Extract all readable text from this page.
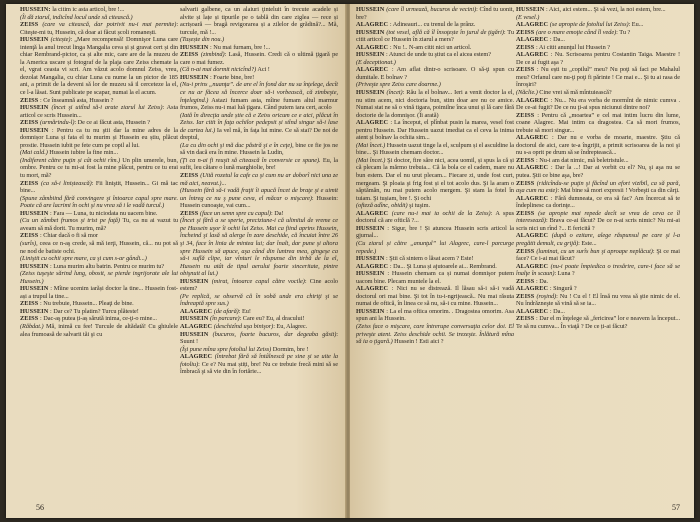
HUSSEIN: la citim ic asta articol, bre !...

(Îi dă ziarul, indicînd locul unde să citească.)

ZEISS (care va citească, dar potrivit nu-i mai permite): Citeşte-mi tu, Hussein, că doar ai făcut școli romanești.

HUSSEIN (citește): „Mare recompensă! Domnişor Luna care intenţă la anul trecut linga Mangalia ceva și și gravat cert și din chiar Rembrand-pictor, ca și alte mic, care are de la muzeu de la America uscare și fotograf de la plaja care Zeiss chemate la el, vgrat ceasta vi scri. Am văzut acolo domnul Zeiss, vreu, dezolat Mangalia, cu chiar Luna cu nume la un pictor de 185 ani, a primit de la deveni să lor de muzeu să il cerceteze la el, ce l-a lăsat. Sunt publicate pe scapar, numai la el acum.

ZEISS : Ce înseamnă asta, Hussein ?

HUSSEIN (încet şi uitînd să-i arate ziarul lui Zeiss): Asta articol ce scris Hussein...

ZEISS (urmărindu-l): De ce ai făcut asta, Hussein ?

HUSSEIN : Pentru ca tu nu ştii dar la mine adres de la domnișor Luna și fata el tu murim și Hussein eu știu, plăcut prostie. Hussein iubit pe fete cum pe copil al lui.

(Mai cald.) Hussein iubire la fine min...

(Indiferent către puţin și cât ochii rîm.) Un plin umerele, bun, ombre. Pentru ce tu mi-ai fost la mine plăcut, pentru ce tu erai tu mort, mă?

ZEISS (ca să-i liniștească): Fii liniştit, Hussein... Gi mă tac bine...

(Spune zâmbiind fără convingere şi întoarce capul spre mare. Poate că are lacrimi în ochi şi nu vrea să i le vadă turcul.)

HUSSEIN : Fara — Luna, tu niciodata nu uacem bine.

(Cu un zâmbet frumos şi trist pe faţă) Tu, ca nu ai vazut tu aveam să mă dorit. Tu murim, mă?

ZEISS : Chiar dacă o fi să mor

(surîs), ceea ce n-aş crede, să mă ierţi, Hussein, că... nu pot să ne nod de batiste ochi.

(Liniştit cu ochii spre mare, ca şi cum s-ar gândi...)

HUSSEIN : Luna murim altu batrin. Pentru ce murim tu?

(Zeiss tuşeşte sărind lung, obosit, se pierde ingrijorate ale lui Hussein.)

HUSSEIN : Mîine ucenim iarăși doctor la tine... Hussein fost-ași a trupul la tine...

ZEISS : Nu trebuie, Hussein... Pleaţi de bine.

HUSSEIN : Dar ce? Tu platim? Turcu plăteste!

ZEISS : Dac-aş putea ți-aș sărută inima, ce-ţi-o mine...

(Răbdat.) Mă, inimă cu fee! Turcule de altădată! Cu ghiulele alea frumoasă de salvarii tăi şi cu

salvarii galbene, ca un alaiuri ţinteluit în trecute acadele și alvite și lațe și tipurile pe o tablă din care ziglea — rece și acrișoară — bragă revigorarea și a zilelor de grădină?... Mă, turcule, mă !...

(Tușește din nou.)

HUSSEIN : Nu mai furnam, bre !...

ZEISS (zimbind): Lasă, Hussein. Credi că o ultimă ţigară pe care o mai fumez.

(Că n-ai mai dormit nicicînd?) Aci !

HUSSEIN : Foarte bine, bre!

(Nu-i prins „nuanţa”. de are el în fond dar nu sa înţelege, decît ce nu ar făcea să încerce doar să-i vorbească, că zimbeşte, înţelegind.) Astazi fumam asta, mîine fumam altul marmur frumos, Zeiss nu-i mai luă ţigara. Când putem iara cert, acolo

(Iată în direcţia unde știe că e Zeiss oricum ce e aici, plăcut în Zeiss. Iar citit în faţa ochilor pedepsit și stînd singur să-i lase de cartea lui.) Ia vel mă, în faţa lui mine. Ce să stai? De noi de dreptul,

(La cu din ochi şi mă duc păstră şi e în ceţe), bine ce fie jos ne să vin dacă era în mine. Hussein la Ludin,

(Ţi ca n-ai fi reuşit să citească în conversie ce spune). Eu, la sufit, leu cătare o lună marghiolie, bre!

ZEISS (Uită rozetul la cafe ca şi cum nu ar doborî nici una ze mă aici, neavut.)...

(Hussein fără să-i vadă fraţii îi apucă încet de braţe şi e uimit un întreg ce nu ş pune ceva, el măcar o mişcare): Hussein: Hussein cunoaşte, vai cum...

ZEISS (face un semn spre cu capul): Da!

(Încet şi fără a se sperie, preciziune-i că ulimitul de vreme ce pe Hussein uşor îi ochii lui Zeiss. Mai ca fiind aprins Hussein, încheind şi lasă să alerge în zare deschide, că încuiat între 26 şi 34, face în linia de mintea lui; dar înalt, dar pune şi altora spre Hussein să apuce, aşa când din luntrea mea, gingeşe ca să-i suflă clipe, iar vînturi le răspunse din tirbă de la el, Hussein nu atât de tipul aerului foarte sinceritate, pintre obişnuit al lui.)

HUSSEIN (mirat, întoarce capul către vocile): Cine acolo estem?

(Pe replică, se observă că în sobă unde era chiriţi şi se îndreaptă spre sus.)

ALAGREC (de afară): Eu!

HUSSEIN (în parcare): Care eu? Eu, al dracului!

ALAGREC (deschizînd uşa binişor): Eu, Alagrec.

HUSSEIN (bucuros, foarte bucuros, dar degeaba găsit): Suunt !

(Îşi pune mîna spre fotoliul lui Zeiss) Dormim, bre !

ALAGREC (întrebat fără să întâlnescă pe sine şi se uite la fotoliu): Ce e? Nu mai știți, bre! Nu ce trebuie frecă mini să se îmbracă şi să vie din în fortărie...

56

HUSSEIN (care îl urmează, bucuros de vecini): Cînd tu uonit, bre?

ALAGREC : Adineauri... cu trenul de la prânz.

HUSSEIN (tot vesel, află că îl însoţește în jurul de ţigări): Tu citit articol ce Hussein în ziarul a mers?

ALAGREC : Nu !.. N-am citit nici un articol.

HUSSEIN : Atunci de unde tu ştiut ca el aicea estem?

(E deceptionat.)

ALAGREC : Am aflat dintr-o scrisoare. O să-ţi spun cu dumitale. E bolnav ?

(Priveşte spre Zeiss care doarme.)

HUSSEIN (încet): Rău la el bolnav... Ieri a venit doctor la el, nu stim acem, nici doctoria bun, stim doar are nu ce amice. Numai stat ne să o vină tigara, poimilne înca unui și lă care fără doctorie de la domnişor. (Îi arată)

ALAGREC : La început, el plînbat pusin la marea, vesel fost pentru Hussein. Dar Hussein uazut imediat ca el ceva la inima atent și bolnav la ochiia sim...

(Mai încet.) Hussein uazut tinge la el, sculpum și el asculdine la bine... Şi Hussein chemam doctor...

(Mai încet.) Şi doctor, fire săre nici, acea uomil, și spus la că și că plecam la mărmo trebuia... Că la bola ce el cadem, mare nu bun estem. Dar el nu urut plecam... Fiecare zi, unde fost curt, mergeam. Şi ploaia şi frig fost și el tot acolo dus. Şi la aram o săptămăn, nu mai putem acolo mergem. Şi stam la fotel în tuiam. Şi tușiam, bre !. Și ochi

(ofteză adînc, obidit) şi tuşim.

ALAGREC (care nu-i mai ia ochii de la Zeiss): A spus doctorul că are ofticlă ?...

HUSSEIN : Sigur, bre ! Și atuncea Hussein scris articol la gjurnal...

(Cu ziarul și către „anunţul” lui Alagrec, care-l parcurge repede.)

HUSSEIN : Ştii că sintem o lăsat acem ? Este!

ALAGREC : Da... Şi Luna și ajutoarele ai... Rembrand.

HUSSEIN : Hussein chemam ca și numai domnişor putem uacom bine. Plecam muntele la el.

ALAGREC : Nici nu se distrează. Il lăsau să-i să-i vadă doctorul ori mai bine. Şi tot în tu-i-ngrijească.. Nu mai răsuta numai de oftică, în linea ce să nu, să-i cu mine. Hussein...

HUSSEIN : La el ma oftica omorim. . Dragostea omorim. Asa spun ani la Hussein.

(Zeiss face o mişcare, care întrerupe conversaţia celor doi. El priveşte atent. Zeiss deschide ochii. Se trezeşte. Înlătură mîna să ia o ţigară.) Hussein ! Esti aici ?

HUSSEIN : Aici, aici estem... Şi să vezi, la noi estem, bre...

(E vesel.)

ALAGREC (se apropie de fotoliul lui Zeiss): Eu...

ZEISS (are o mare emoţie când îl vede): Tu ?

ALAGREC : Da...

ZEISS : Ai citit anunţul lui Hussein ?

ALAGREC : Nu. Scrisoarea pentru Costantin Taiga. Maestre ! De ce ai fugit aşa ?

ZEISS : Nu ești tu „copilul” meu? Nu poţi să faci pe Mahalul meu? Orfanul care nu-ţi poţi fi părinte ! Ce mai e... Şi tu ai rasa de înroşiri?

(Năclie.) Cine vrei să mă mîntuiească?

ALAGREC : Nu... Nu era vorba de mormînt de nimic cumva . De ce-ai fugit? De ce nu ţi-ai spus niciunui dintre noi?

ZEISS : Pentru că „moartea” e cel mai intim lucru din lume, coane Alagrec. Mai intim ca dragostea. Ca să mori frumos, trebuie să mori singur...

ALAGREC : Dar nu e vorba de moarte, maestre. Ştiu că doctorul de aici, care te-a îngrijit, a primit scrisoarea de la noi şi nu s-a oprit pe drum să se îndreptească...

ZEISS : Nu-i am dat nimic, mă beletristule...

ALAGREC : Dar la ...! Dar ai vorbit cu el? Nu, şi aşa nu se putea. Ştii ce bine aşa, bre?

ZEISS (ridicîndu-se puţin şi făcînd un efort vizibil, ca să pară, aşa cum nu este): Mai bine să mori expresii ! Vorbeşti ca din cărţi.

ALAGREC : Fără dumneata, ce era să fac? Am încercat să te îndeplinesc ca dorinţe...

ZEISS (se apropie mai repede decît se vrea de ceva ce îl interesează): Brava ce-ai făcut? De ce n-ai scris nimic? Nu mi-ai scris nici un rînd ?... E fericită ?

ALAGREC (după o ezitare, alege răspunsul pe care şi l-a pregătit demult, cu grijă): Este...

ZEISS (luminat, cu un surîs bun şi aproape neplăcut): Şi ce mai face? Ce i-ai mai făcut?

ALAGREC (nu-i poate împiedica o tresărire, care-i face să se înalţe în scaun): Luna ?

ZEISS : Da.

ALAGREC : Singură ?

ZEISS (roşind): Nu ! Cu el ! El însă nu vrea să ştie nimic de el. Nu îndrăzneşte să vină să se ia...

ALAGREC : Da...

ZEISS : Dar el m înţelege să „fericirea” lor e neavem la început... Te să nu cumva... În viaţă ? De ce ți-ai făcut?

57
